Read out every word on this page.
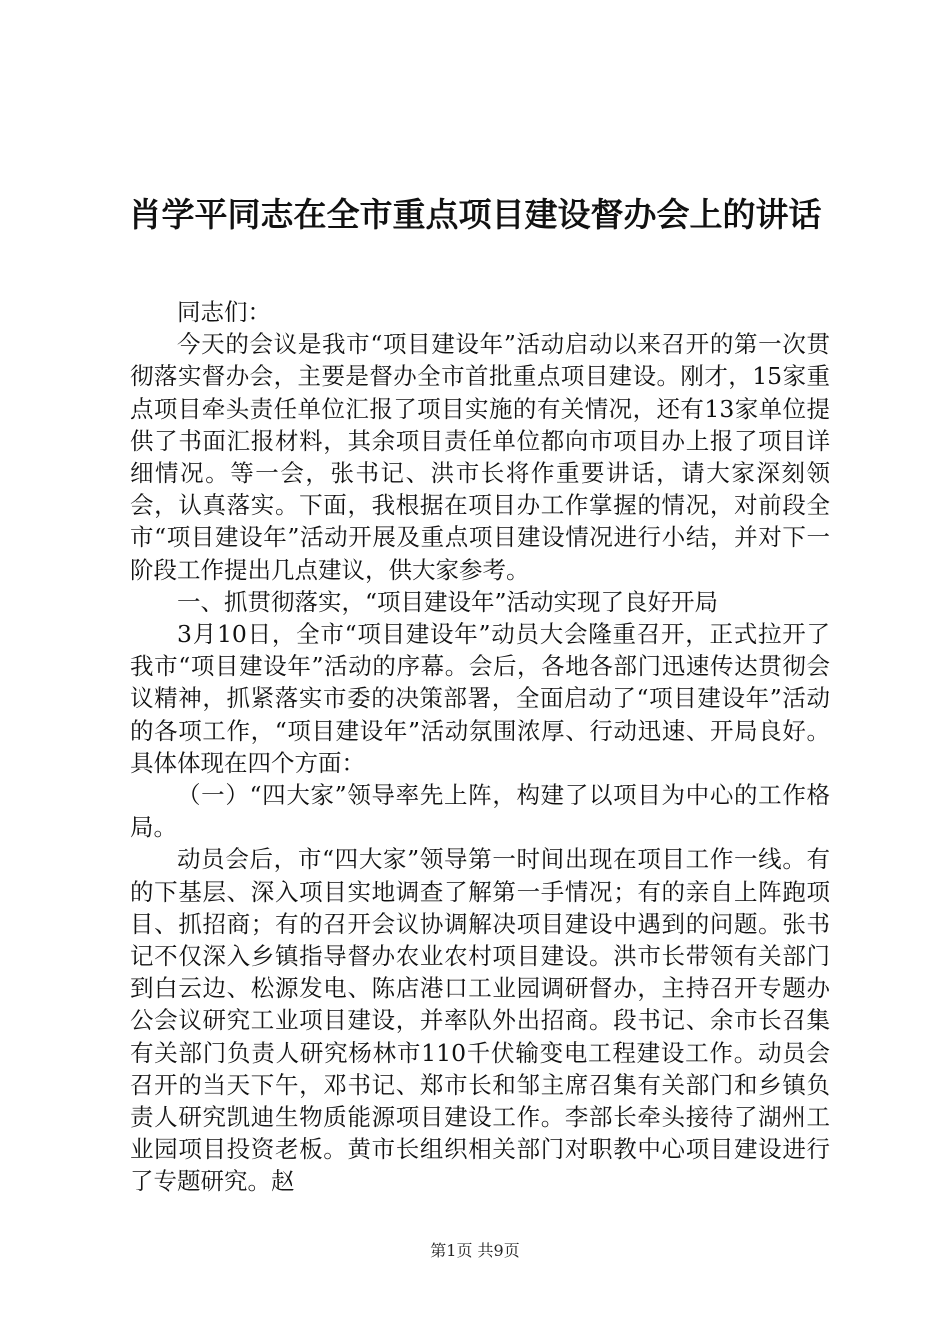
肖学平同志在全市重点项目建设督办会上的讲话

同志们：

今天的会议是我市“项目建设年”活动启动以来召开的第一次贯彻落实督办会，主要是督办全市首批重点项目建设。刚才，15家重点项目牵头责任单位汇报了项目实施的有关情况，还有13家单位提供了书面汇报材料，其余项目责任单位都向市项目办上报了项目详细情况。等一会，张书记、洪市长将作重要讲话，请大家深刻领会，认真落实。下面，我根据在项目办工作掌握的情况，对前段全市“项目建设年”活动开展及重点项目建设情况进行小结，并对下一阶段工作提出几点建议，供大家参考。

一、抓贯彻落实，“项目建设年”活动实现了良好开局

3月10日，全市“项目建设年”动员大会隆重召开，正式拉开了我市“项目建设年”活动的序幕。会后，各地各部门迅速传达贯彻会议精神，抓紧落实市委的决策部署，全面启动了“项目建设年”活动的各项工作，“项目建设年”活动氛围浓厚、行动迅速、开局良好。具体体现在四个方面：

（一）“四大家”领导率先上阵，构建了以项目为中心的工作格局。

动员会后，市“四大家”领导第一时间出现在项目工作一线。有的下基层、深入项目实地调查了解第一手情况；有的亲自上阵跑项目、抓招商；有的召开会议协调解决项目建设中遇到的问题。张书记不仅深入乡镇指导督办农业农村项目建设。洪市长带领有关部门到白云边、松源发电、陈店港口工业园调研督办，主持召开专题办公会议研究工业项目建设，并率队外出招商。段书记、余市长召集有关部门负责人研究杨林市110千伏输变电工程建设工作。动员会召开的当天下午，邓书记、郑市长和邹主席召集有关部门和乡镇负责人研究凯迪生物质能源项目建设工作。李部长牵头接待了湖州工业园项目投资老板。黄市长组织相关部门对职教中心项目建设进行了专题研究。赵

第1页 共9页
